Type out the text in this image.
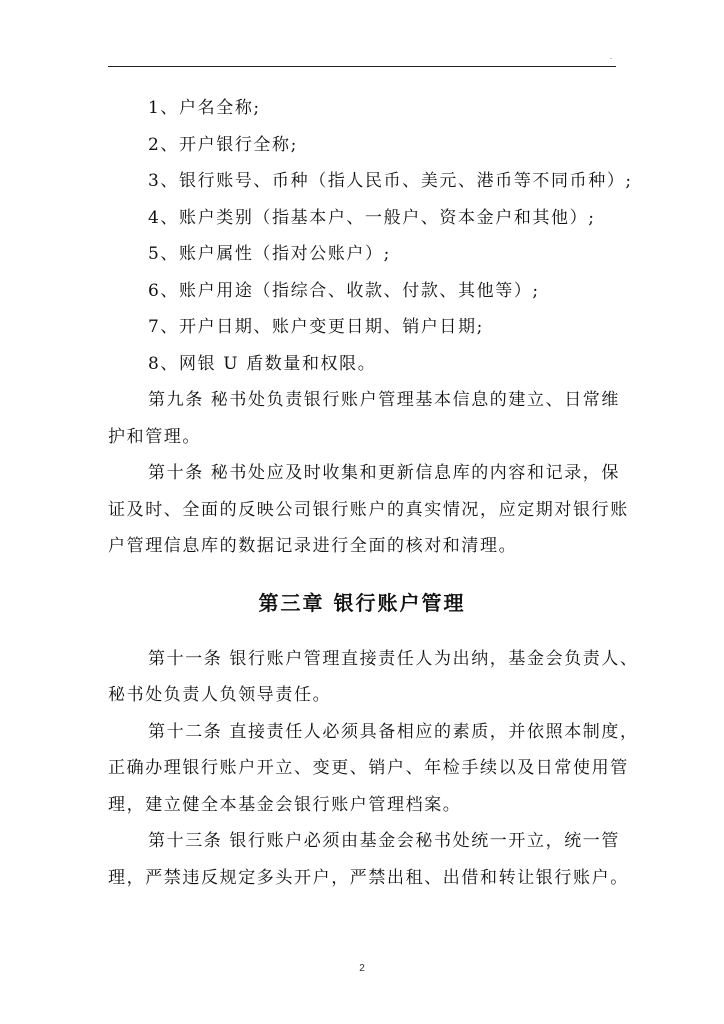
.

1、户名全称;

2、开户银行全称;

3、银行账号、币种（指人民币、美元、港币等不同币种）;

4、账户类别（指基本户、一般户、资本金户和其他）;

5、账户属性（指对公账户）;

6、账户用途（指综合、收款、付款、其他等）;

7、开户日期、账户变更日期、销户日期;

8、网银 U 盾数量和权限。

第九条 秘书处负责银行账户管理基本信息的建立、日常维

护和管理。

第十条 秘书处应及时收集和更新信息库的内容和记录，保

证及时、全面的反映公司银行账户的真实情况，应定期对银行账

户管理信息库的数据记录进行全面的核对和清理。

第三章 银行账户管理

第十一条 银行账户管理直接责任人为出纳，基金会负责人、

秘书处负责人负领导责任。

第十二条 直接责任人必须具备相应的素质，并依照本制度，

正确办理银行账户开立、变更、销户、年检手续以及日常使用管

理，建立健全本基金会银行账户管理档案。

第十三条 银行账户必须由基金会秘书处统一开立，统一管

理，严禁违反规定多头开户，严禁出租、出借和转让银行账户。

2
